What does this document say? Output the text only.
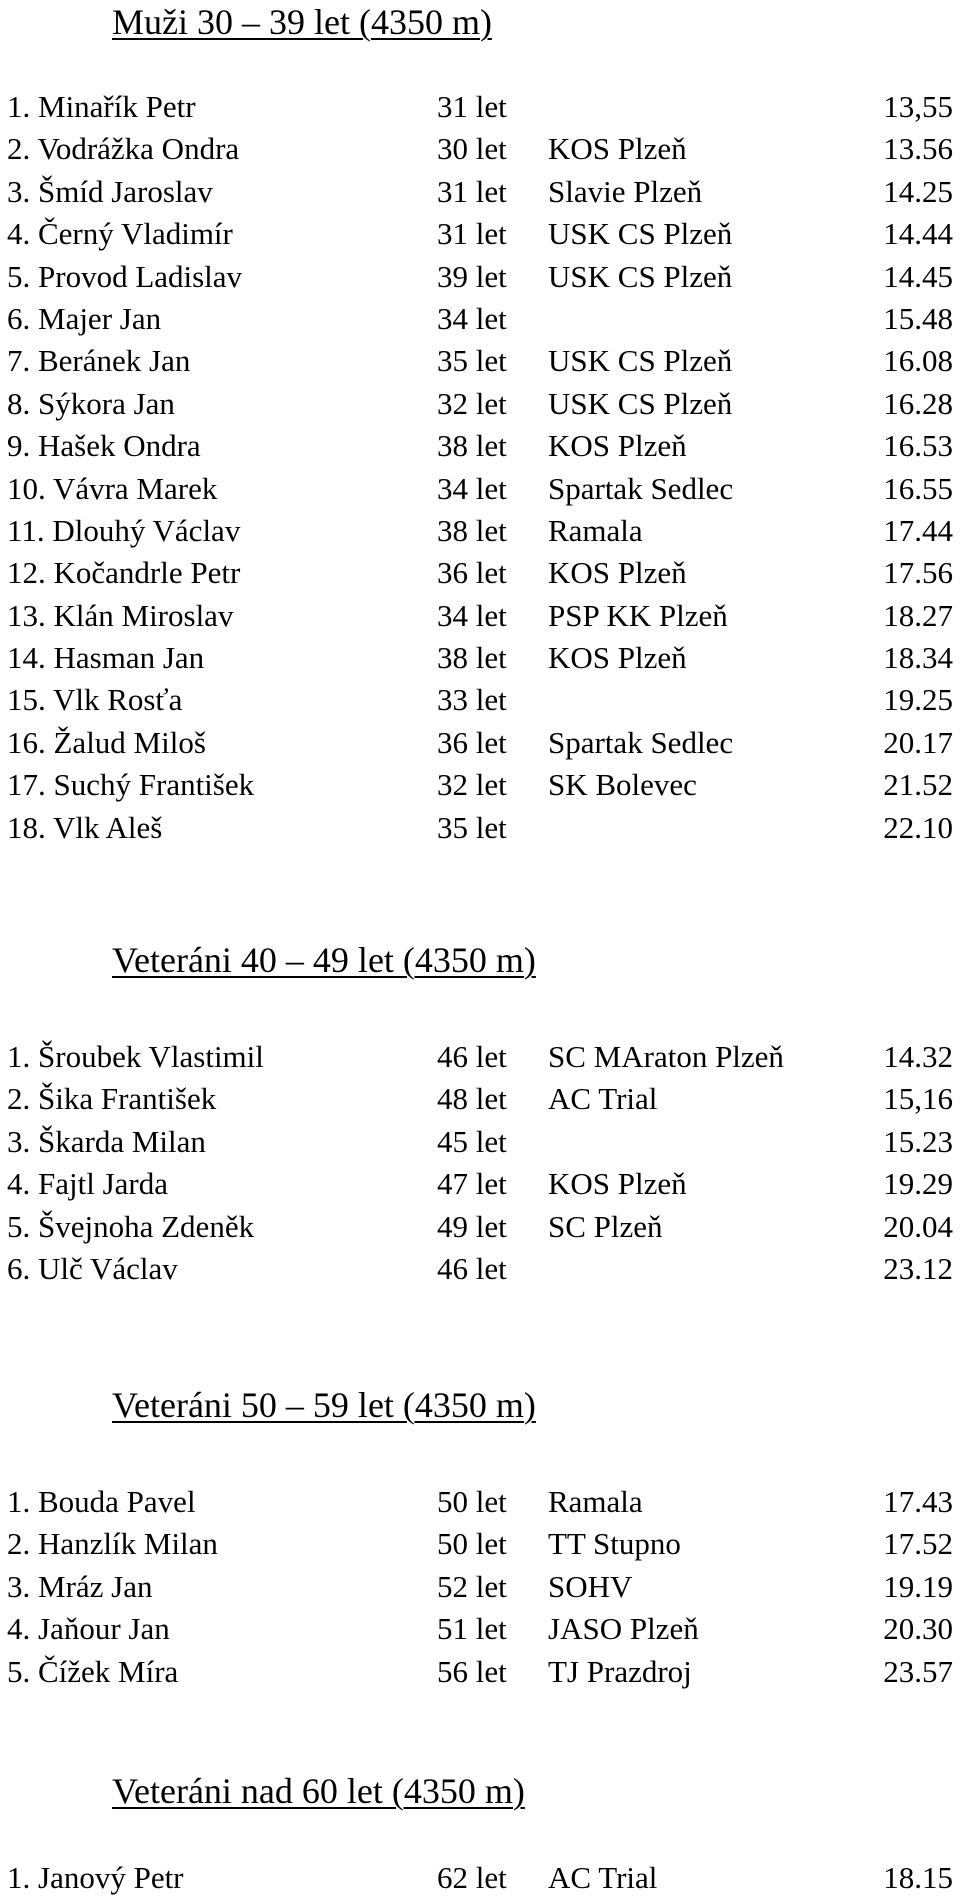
Muži 30 – 39 let (4350 m)
1. Minařík Petr	31 let	13,55
2. Vodrážka Ondra	30 let KOS Plzeň	13.56
3. Šmíd Jaroslav	31 let Slavie Plzeň	14.25
4. Černý Vladimír	31 let USK CS Plzeň	14.44
5. Provod Ladislav	39 let USK CS Plzeň	14.45
6. Majer Jan	34 let	15.48
7. Beránek Jan	35 let USK CS Plzeň	16.08
8. Sýkora Jan	32 let USK CS Plzeň	16.28
9. Hašek Ondra	38 let KOS Plzeň	16.53
10. Vávra Marek	34 let Spartak Sedlec	16.55
11. Dlouhý Václav	38 let Ramala	17.44
12. Kočandrle Petr	36 let KOS Plzeň	17.56
13. Klán Miroslav	34 let PSP KK Plzeň	18.27
14. Hasman Jan	38 let KOS Plzeň	18.34
15. Vlk Rosťa	33 let	19.25
16. Žalud Miloš	36 let Spartak Sedlec	20.17
17. Suchý František	32 let SK Bolevec	21.52
18. Vlk Aleš	35 let	22.10
Veteráni 40 – 49 let (4350 m)
1. Šroubek Vlastimil	46 let SC MAraton Plzeň	14.32
2. Šika František	48 let AC Trial	15,16
3. Škarda Milan	45 let	15.23
4. Fajtl Jarda	47 let KOS Plzeň	19.29
5. Švejnoha Zdeněk	49 let SC Plzeň	20.04
6. Ulč Václav	46 let	23.12
Veteráni 50 – 59 let (4350 m)
1. Bouda Pavel	50 let Ramala	17.43
2. Hanzlík Milan	50 let TT Stupno	17.52
3. Mráz Jan	52 let SOHV	19.19
4. Jaňour Jan	51 let JASO Plzeň	20.30
5. Čížek Míra	56 let TJ Prazdroj	23.57
Veteráni nad 60 let (4350 m)
1. Janový Petr	62 let AC Trial	18.15
